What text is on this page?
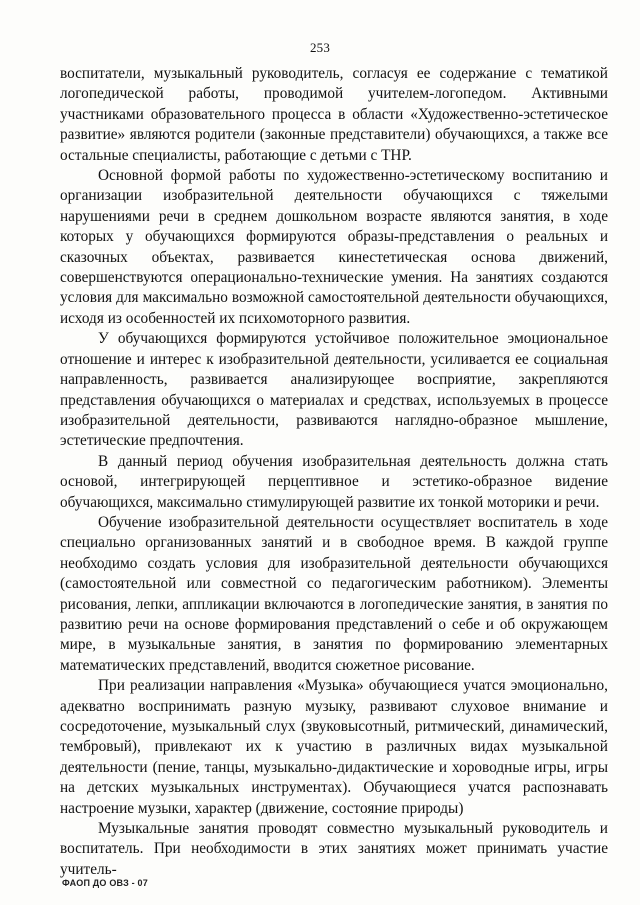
253

воспитатели, музыкальный руководитель, согласуя ее содержание с тематикой логопедической работы, проводимой учителем-логопедом. Активными участниками образовательного процесса в области «Художественно-эстетическое развитие» являются родители (законные представители) обучающихся, а также все остальные специалисты, работающие с детьми с ТНР.

Основной формой работы по художественно-эстетическому воспитанию и организации изобразительной деятельности обучающихся с тяжелыми нарушениями речи в среднем дошкольном возрасте являются занятия, в ходе которых у обучающихся формируются образы-представления о реальных и сказочных объектах, развивается кинестетическая основа движений, совершенствуются операционально-технические умения. На занятиях создаются условия для максимально возможной самостоятельной деятельности обучающихся, исходя из особенностей их психомоторного развития.

У обучающихся формируются устойчивое положительное эмоциональное отношение и интерес к изобразительной деятельности, усиливается ее социальная направленность, развивается анализирующее восприятие, закрепляются представления обучающихся о материалах и средствах, используемых в процессе изобразительной деятельности, развиваются наглядно-образное мышление, эстетические предпочтения.

В данный период обучения изобразительная деятельность должна стать основой, интегрирующей перцептивное и эстетико-образное видение обучающихся, максимально стимулирующей развитие их тонкой моторики и речи.

Обучение изобразительной деятельности осуществляет воспитатель в ходе специально организованных занятий и в свободное время. В каждой группе необходимо создать условия для изобразительной деятельности обучающихся (самостоятельной или совместной со педагогическим работником). Элементы рисования, лепки, аппликации включаются в логопедические занятия, в занятия по развитию речи на основе формирования представлений о себе и об окружающем мире, в музыкальные занятия, в занятия по формированию элементарных математических представлений, вводится сюжетное рисование.

При реализации направления «Музыка» обучающиеся учатся эмоционально, адекватно воспринимать разную музыку, развивают слуховое внимание и сосредоточение, музыкальный слух (звуковысотный, ритмический, динамический, тембровый), привлекают их к участию в различных видах музыкальной деятельности (пение, танцы, музыкально-дидактические и хороводные игры, игры на детских музыкальных инструментах). Обучающиеся учатся распознавать настроение музыки, характер (движение, состояние природы)

Музыкальные занятия проводят совместно музыкальный руководитель и воспитатель. При необходимости в этих занятиях может принимать участие учитель-

ФАОП ДО ОВЗ - 07
